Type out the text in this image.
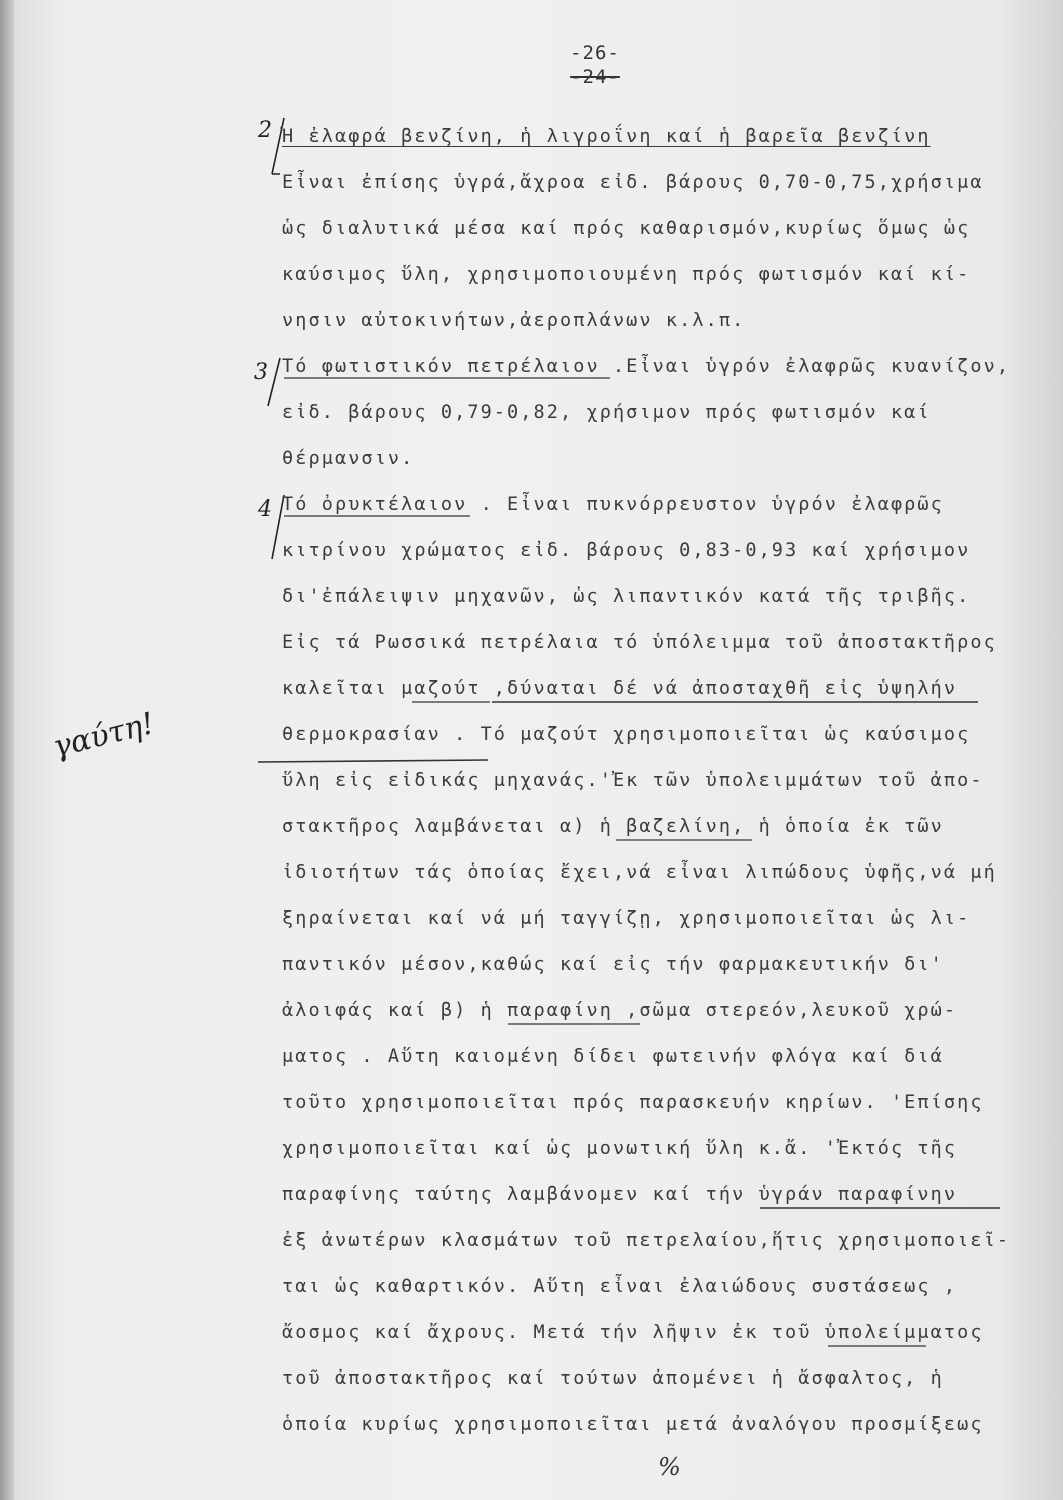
-26-
-24-
2
3
4
γαύτη!
Ἡ ἐλαφρά βενζίνη, ἡ λιγροΐνη καί ἡ βαρεῖα βενζίνη
Εἶναι ἐπίσης ὑγρά,ἄχροα εἰδ. βάρους 0,70-0,75,χρήσιμα
ὡς διαλυτικά μέσα καί πρός καθαρισμόν,κυρίως ὅμως ὡς
καύσιμος ὕλη, χρησιμοποιουμένη πρός φωτισμόν καί κί-
νησιν αὐτοκινήτων,ἀεροπλάνων κ.λ.π.
Τό φωτιστικόν πετρέλαιον .Εἶναι ὑγρόν ἐλαφρῶς κυανίζον,
εἰδ. βάρους 0,79-0,82, χρήσιμον πρός φωτισμόν καί
θέρμανσιν.
Τό ὀρυκτέλαιον . Εἶναι πυκνόρρευστον ὑγρόν ἐλαφρῶς
κιτρίνου χρώματος εἰδ. βάρους 0,83-0,93 καί χρήσιμον
δι'ἐπάλειψιν μηχανῶν, ὡς λιπαντικόν κατά τῆς τριβῆς.
Εἰς τά Ρωσσικά πετρέλαια τό ὑπόλειμμα τοῦ ἀποστακτῆρος
καλεῖται μαζούτ ,δύναται δέ νά ἀποσταχθῆ εἰς ὑψηλήν
θερμοκρασίαν . Τό μαζούτ χρησιμοποιεῖται ὡς καύσιμος
ὕλη εἰς εἰδικάς μηχανάς.'Ἐκ τῶν ὑπολειμμάτων τοῦ ἀπο-
στακτῆρος λαμβάνεται α) ἡ βαζελίνη, ἡ ὁποία ἐκ τῶν
ἰδιοτήτων τάς ὁποίας ἔχει,νά εἶναι λιπώδους ὑφῆς,νά μή
ξηραίνεται καί νά μή ταγγίζῃ, χρησιμοποιεῖται ὡς λι-
παντικόν μέσον,καθώς καί εἰς τήν φαρμακευτικήν δι'
ἀλοιφάς καί β) ἡ παραφίνη ,σῶμα στερεόν,λευκοῦ χρώ-
ματος . Αὕτη καιομένη δίδει φωτεινήν φλόγα καί διά
τοῦτο χρησιμοποιεῖται πρός παρασκευήν κηρίων. 'Επίσης
χρησιμοποιεῖται καί ὡς μονωτική ὕλη κ.ἄ. 'Ἐκτός τῆς
παραφίνης ταύτης λαμβάνομεν καί τήν ὑγράν παραφίνην
ἐξ ἀνωτέρων κλασμάτων τοῦ πετρελαίου,ἥτις χρησιμοποιεῖ-
ται ὡς καθαρτικόν. Αὕτη εἶναι ἐλαιώδους συστάσεως ,
ἄοσμος καί ἄχρους. Μετά τήν λῆψιν ἐκ τοῦ ὑπολείμματος
τοῦ ἀποστακτῆρος καί τούτων ἀπομένει ἡ ἄσφαλτος, ἡ
ὁποία κυρίως χρησιμοποιεῖται μετά ἀναλόγου προσμίξεως
%
